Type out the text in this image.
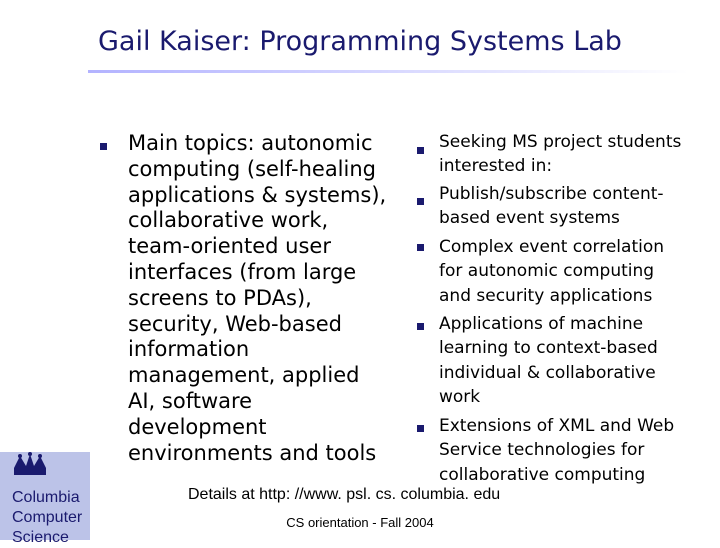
Gail Kaiser: Programming Systems Lab
Main topics: autonomic
computing (self-healing
applications & systems),
collaborative work,
team-oriented user
interfaces (from large
screens to PDAs),
security, Web-based
information
management, applied
AI, software
development
environments and tools
Seeking MS project students
interested in:
Publish/subscribe content-
based event systems
Complex event correlation
for autonomic computing
and security applications
Applications of machine
learning to context-based
individual & collaborative
work
Extensions of XML and Web
Service technologies for
collaborative computing
Details at http: //www. psl. cs. columbia. edu
CS orientation - Fall 2004
Columbia
Computer
Science
